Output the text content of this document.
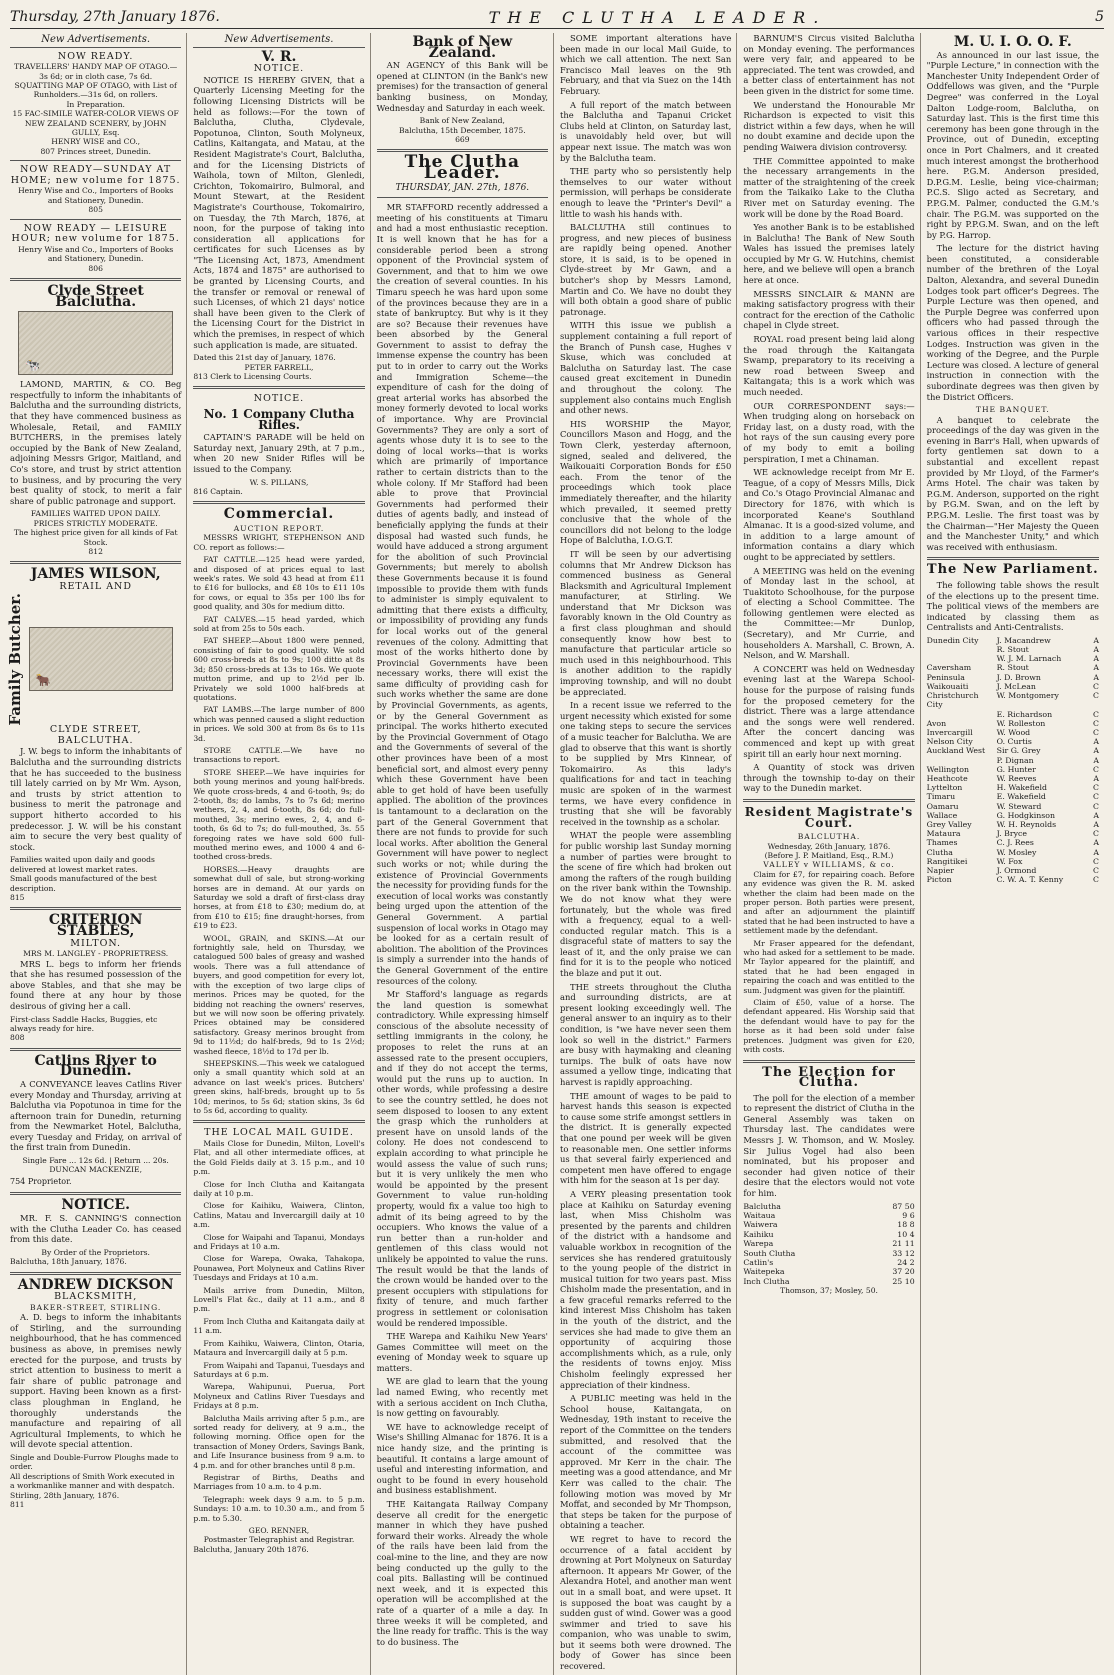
Thursday, 27th January 1876.	THE CLUTHA LEADER.	5
New Advertisements.
NOW READY.
TRAVELLERS' HANDY MAP OF OTAGO.—3s 6d; or in cloth case, 7s 6d.
SQUATTING MAP OF OTAGO, with List of Runholders.—31s 6d, on rollers.
In Preparation.
15 FAC-SIMILE WATER-COLOR VIEWS OF NEW ZEALAND SCENERY, by JOHN GULLY, Esq.
HENRY WISE and CO.,
807 Princes street, Dunedin.
NOW READY—SUNDAY AT HOME; new volume for 1875.
Henry Wise and Co., Importers of Books and Stationery, Dunedin.
805
NOW READY — LEISURE HOUR; new volume for 1875.
Henry Wise and Co., Importers of Books and Stationery, Dunedin.
806
Clyde Street Balclutha.
🐄

LAMOND, MARTIN, & CO. Beg respectfully to inform the inhabitants of Balclutha and the surrounding districts, that they have commenced business as Wholesale, Retail, and FAMILY BUTCHERS, in the premises lately occupied by the Bank of New Zealand, adjoining Messrs Grigor, Maitland, and Co's store, and trust by strict attention to business, and by procuring the very best quality of stock, to merit a fair share of public patronage and support.

FAMILIES WAITED UPON DAILY.
PRICES STRICTLY MODERATE.
The highest price given for all kinds of Fat Stock.
812
JAMES WILSON,
RETAIL AND
Family Butcher. 🐂
CLYDE STREET, BALCLUTHA.

J. W. begs to inform the inhabitants of Balclutha and the surrounding districts that he has succeeded to the business till lately carried on by Mr Wm. Ayson, and trusts by strict attention to business to merit the patronage and support hitherto accorded to his predecessor. J. W. will be his constant aim to secure the very best quality of stock.

Families waited upon daily and goods delivered at lowest market rates.
Small goods manufactured of the best description.
815
CRITERION STABLES,
MILTON.
MRS M. LANGLEY - PROPRIETRESS.

MRS L. begs to inform her friends that she has resumed possession of the above Stables, and that she may be found there at any hour by those desirous of giving her a call.

First-class Saddle Hacks, Buggies, etc always ready for hire.
808
Catlins River to Dunedin.

A CONVEYANCE leaves Catlins River every Monday and Thursday, arriving at Balclutha via Popotunoa in time for the afternoon train for Dunedin, returning from the Newmarket Hotel, Balclutha, every Tuesday and Friday, on arrival of the first train from Dunedin.

Single Fare ... 12s 6d. | Return ... 20s.
DUNCAN MACKENZIE,
754 Proprietor.
NOTICE.

MR. F. S. CANNING'S connection with the Clutha Leader Co. has ceased from this date.

By Order of the Proprietors.
Balclutha, 18th January, 1876.
ANDREW DICKSON
BLACKSMITH,
BAKER-STREET, STIRLING.

A. D. begs to inform the inhabitants of Stirling, and the surrounding neighbourhood, that he has commenced business as above, in premises newly erected for the purpose, and trusts by strict attention to business to merit a fair share of public patronage and support. Having been known as a first-class ploughman in England, he thoroughly understands the manufacture and repairing of all Agricultural Implements, to which he will devote special attention.

Single and Double-Furrow Ploughs made to order.
All descriptions of Smith Work executed in a workmanlike manner and with despatch.
Stirling, 28th January, 1876.
811
New Advertisements.
V. R.
NOTICE.

NOTICE IS HEREBY GIVEN, that a Quarterly Licensing Meeting for the following Licensing Districts will be held as follows:—For the town of Balclutha, Clutha, Clydevale, Popotunoa, Clinton, South Molyneux, Catlins, Kaitangata, and Matau, at the Resident Magistrate's Court, Balclutha, and for the Licensing Districts of Waihola, town of Milton, Glenledi, Crichton, Tokomairiro, Bulmoral, and Mount Stewart, at the Resident Magistrate's Courthouse, Tokomairiro, on Tuesday, the 7th March, 1876, at noon, for the purpose of taking into consideration all applications for certificates for such Licenses as by "The Licensing Act, 1873, Amendment Acts, 1874 and 1875" are authorised to be granted by Licensing Courts, and the transfer or removal or renewal of such Licenses, of which 21 days' notice shall have been given to the Clerk of the Licensing Court for the District in which the premises, in respect of which such application is made, are situated.

Dated this 21st day of January, 1876.
PETER FARRELL,
813 Clerk to Licensing Courts.
NOTICE.
No. 1 Company Clutha Rifles.

CAPTAIN'S PARADE will be held on Saturday next, January 29th, at 7 p.m., when 20 new Snider Rifles will be issued to the Company.

W. S. PILLANS,
816 Captain.
Commercial.
AUCTION REPORT.

MESSRS WRIGHT, STEPHENSON AND CO. report as follows:—

FAT CATTLE.—125 head were yarded, and disposed of at prices equal to last week's rates. We sold 43 head at from £11 to £16 for bullocks, and £8 10s to £11 10s for cows, or equal to 35s per 100 lbs for good quality, and 30s for medium ditto.

FAT CALVES.—15 head yarded, which sold at from 25s to 50s each.

FAT SHEEP.—About 1800 were penned, consisting of fair to good quality. We sold 600 cross-breds at 8s to 9s; 100 ditto at 8s 3d; 850 cross-breds at 13s to 16s. We quote mutton prime, and up to 2½d per lb. Privately we sold 1000 half-breds at quotations.

FAT LAMBS.—The large number of 800 which was penned caused a slight reduction in prices. We sold 300 at from 8s 6s to 11s 3d.

STORE CATTLE.—We have no transactions to report.

STORE SHEEP.—We have inquiries for both young merinos and young half-breds. We quote cross-breds, 4 and 6-tooth, 9s; do 2-tooth, 8s; do lambs, 7s to 7s 6d; merino wethers, 2, 4, and 6-tooth, 8s 6d; do full-mouthed, 3s; merino ewes, 2, 4, and 6-tooth, 6s 6d to 7s; do full-mouthed, 3s. 55 foregoing rates we have sold 600 full-mouthed merino ewes, and 1000 4 and 6-toothed cross-breds.

HORSES.—Heavy draughts are somewhat dull of sale, but strong-working horses are in demand. At our yards on Saturday we sold a draft of first-class dray horses, at from £18 to £30; medium do, at from £10 to £15; fine draught-horses, from £19 to £23.

WOOL, GRAIN, and SKINS.—At our fortnightly sale, held on Thursday, we catalogued 500 bales of greasy and washed wools. There was a full attendance of buyers, and good competition for every lot, with the exception of two large clips of merinos. Prices may be quoted, for the bidding not reaching the owners' reserves, but we will now soon be offering privately. Prices obtained may be considered satisfactory. Greasy merinos brought from 9d to 11½d; do half-breds, 9d to 1s 2½d; washed fleece, 18½d to 17d per lb.

SHEEPSKINS.—This week we catalogued only a small quantity which sold at an advance on last week's prices. Butchers' green skins, half-breds, brought up to 5s 10d; merinos, to 5s 6d; station skins, 3s 6d to 5s 6d, according to quality.

THE LOCAL MAIL GUIDE.

Mails Close for Dunedin, Milton, Lovell's Flat, and all other intermediate offices, at the Gold Fields daily at 3. 15 p.m., and 10 p.m.

Close for Inch Clutha and Kaitangata daily at 10 p.m.

Close for Kaihiku, Waiwera, Clinton, Catlins, Matau and Invercargill daily at 10 a.m.

Close for Waipahi and Tapanui, Mondays and Fridays at 10 a.m.

Close for Warepa, Owaka, Tahakopa, Pounawea, Port Molyneux and Catlins River Tuesdays and Fridays at 10 a.m.

Mails arrive from Dunedin, Milton, Lovell's Flat &c., daily at 11 a.m., and 8 p.m.

From Inch Clutha and Kaitangata daily at 11 a.m.

From Kaihiku, Waiwera, Clinton, Otaria, Mataura and Invercargill daily at 5 p.m.

From Waipahi and Tapanui, Tuesdays and Saturdays at 6 p.m.

Warepa, Wahipunui, Puerua, Port Molyneux and Catlins River Tuesdays and Fridays at 8 p.m.

Balclutha Mails arriving after 5 p.m., are sorted ready for delivery, at 9 a.m., the following morning. Office open for the transaction of Money Orders, Savings Bank, and Life Insurance business from 9 a.m. to 4 p.m. and for other branches until 8 p.m.

Registrar of Births, Deaths and Marriages from 10 a.m. to 4 p.m.

Telegraph: week days 9 a.m. to 5 p.m. Sundays: 10 a.m. to 10.30 a.m., and from 5 p.m. to 5.30.

GEO. RENNER,
Postmaster Telegraphist and Registrar.
Balclutha, January 20th 1876.
Bank of New Zealand.

AN AGENCY of this Bank will be opened at CLINTON (in the Bank's new premises) for the transaction of general banking business, on Monday, Wednesday and Saturday in each week.

Bank of New Zealand,
Balclutha, 15th December, 1875.
669
The Clutha Leader.
THURSDAY, JAN. 27th, 1876.

MR STAFFORD recently addressed a meeting of his constituents at Timaru and had a most enthusiastic reception. It is well known that he has for a considerable period been a strong opponent of the Provincial system of Government, and that to him we owe the creation of several counties. In his Timaru speech he was hard upon some of the provinces because they are in a state of bankruptcy. But why is it they are so? Because their revenues have been absorbed by the General Government to assist to defray the immense expense the country has been put to in order to carry out the Works and Immigration Scheme—the expenditure of cash for the doing of great arterial works has absorbed the money formerly devoted to local works of importance. Why are Provincial Governments? They are only a sort of agents whose duty it is to see to the doing of local works—that is works which are primarily of importance rather to certain districts than to the whole colony. If Mr Stafford had been able to prove that Provincial Governments had performed their duties of agents badly, and instead of beneficially applying the funds at their disposal had wasted such funds, he would have adduced a strong argument for the abolition of such Provincial Governments; but merely to abolish these Governments because it is found impossible to provide them with funds to administer is simply equivalent to admitting that there exists a difficulty, or impossibility of providing any funds for local works out of the general revenues of the colony. Admitting that most of the works hitherto done by Provincial Governments have been necessary works, there will exist the same difficulty of providing cash for such works whether the same are done by Provincial Governments, as agents, or by the General Government as principal. The works hitherto executed by the Provincial Government of Otago and the Governments of several of the other provinces have been of a most beneficial sort, and almost every penny which these Government have been able to get hold of have been usefully applied. The abolition of the provinces is tantamount to a declaration on the part of the General Government that there are not funds to provide for such local works. After abolition the General Government will have power to neglect such works or not; while during the existence of Provincial Governments the necessity for providing funds for the execution of local works was constantly being urged upon the attention of the General Government. A partial suspension of local works in Otago may be looked for as a certain result of abolition. The abolition of the Provinces is simply a surrender into the hands of the General Government of the entire resources of the colony.

Mr Stafford's language as regards the land question is somewhat contradictory. While expressing himself conscious of the absolute necessity of settling immigrants in the colony, he proposes to relet the runs at an assessed rate to the present occupiers, and if they do not accept the terms, would put the runs up to auction. In other words, while professing a desire to see the country settled, he does not seem disposed to loosen to any extent the grasp which the runholders at present have on unsold lands of the colony. He does not condescend to explain according to what principle he would assess the value of such runs; but it is very unlikely the men who would be appointed by the present Government to value run-holding property, would fix a value too high to admit of its being agreed to by the occupiers. Who knows the value of a run better than a run-holder and gentlemen of this class would not unlikely be appointed to value the runs. The result would be that the lands of the crown would be handed over to the present occupiers with stipulations for fixity of tenure, and much farther progress in settlement or colonisation would be rendered impossible.

THE Warepa and Kaihiku New Years' Games Committee will meet on the evening of Monday week to square up matters.

WE are glad to learn that the young lad named Ewing, who recently met with a serious accident on Inch Clutha, is now getting on favourably.

WE have to acknowledge receipt of Wise's Shilling Almanac for 1876. It is a nice handy size, and the printing is beautiful. It contains a large amount of useful and interesting information, and ought to be found in every household and business establishment.

THE Kaitangata Railway Company deserve all credit for the energetic manner in which they have pushed forward their works. Already the whole of the rails have been laid from the coal-mine to the line, and they are now being conducted up the gully to the coal pits. Ballasting will be continued next week, and it is expected this operation will be accomplished at the rate of a quarter of a mile a day. In three weeks it will be completed, and the line ready for traffic. This is the way to do business. The

SOME important alterations have been made in our local Mail Guide, to which we call attention. The next San Francisco Mail leaves on the 9th February, and that via Suez on the 14th February.

A full report of the match between the Balclutha and Tapanui Cricket Clubs held at Clinton, on Saturday last, is unavoidably held over, but will appear next issue. The match was won by the Balclutha team.

THE party who so persistently help themselves to our water without permission, will perhaps be considerate enough to leave the "Printer's Devil" a little to wash his hands with.

BALCLUTHA still continues to progress, and new pieces of business are rapidly being opened. Another store, it is said, is to be opened in Clyde-street by Mr Gawn, and a butcher's shop by Messrs Lamond, Martin and Co. We have no doubt they will both obtain a good share of public patronage.

WITH this issue we publish a supplement containing a full report of the Branch of Punsh case, Hughes v Skuse, which was concluded at Balclutha on Saturday last. The case caused great excitement in Dunedin and throughout the colony. The supplement also contains much English and other news.

HIS WORSHIP the Mayor, Councillors Mason and Hogg, and the Town Clerk, yesterday afternoon, signed, sealed and delivered, the Waikouaiti Corporation Bonds for £50 each. From the tenor of the proceedings which took place immediately thereafter, and the hilarity which prevailed, it seemed pretty conclusive that the whole of the councillors did not belong to the lodge Hope of Balclutha, I.O.G.T.

IT will be seen by our advertising columns that Mr Andrew Dickson has commenced business as General Blacksmith and Agricultural Implement manufacturer, at Stirling. We understand that Mr Dickson was favorably known in the Old Country as a first class ploughman and should consequently know how best to manufacture that particular article so much used in this neighbourhood. This is another addition to the rapidly improving township, and will no doubt be appreciated.

In a recent issue we referred to the urgent necessity which existed for some one taking steps to secure the services of a music teacher for Balclutha. We are glad to observe that this want is shortly to be supplied by Mrs Kinnear, of Tokomairiro. As this lady's qualifications for and tact in teaching music are spoken of in the warmest terms, we have every confidence in trusting that she will be favorably received in the township as a scholar.

WHAT the people were assembling for public worship last Sunday morning a number of parties were brought to the scene of fire which had broken out among the rafters of the rough building on the river bank within the Township. We do not know what they were fortunately, but the whole was fired with a frequency, equal to a well-conducted regular match. This is a disgraceful state of matters to say the least of it, and the only praise we can find for it is to the people who noticed the blaze and put it out.

THE streets throughout the Clutha and surrounding districts, are at present looking exceedingly well. The general answer to an inquiry as to their condition, is "we have never seen them look so well in the district." Farmers are busy with haymaking and cleaning turnips. The bulk of oats have now assumed a yellow tinge, indicating that harvest is rapidly approaching.

THE amount of wages to be paid to harvest hands this season is expected to cause some strife amongst settlers in the district. It is generally expected that one pound per week will be given to reasonable men. One settler informs us that several fairly experienced and competent men have offered to engage with him for the season at 1s per day.

A VERY pleasing presentation took place at Kaihiku on Saturday evening last, when Miss Chisholm was presented by the parents and children of the district with a handsome and valuable workbox in recognition of the services she has rendered gratuitously to the young people of the district in musical tuition for two years past. Miss Chisholm made the presentation, and in a few graceful remarks referred to the kind interest Miss Chisholm has taken in the youth of the district, and the services she had made to give them an opportunity of acquiring those accomplishments which, as a rule, only the residents of towns enjoy. Miss Chisholm feelingly expressed her appreciation of their kindness.

A PUBLIC meeting was held in the School house, Kaitangata, on Wednesday, 19th instant to receive the report of the Committee on the tenders submitted, and resolved that the account of the committee was approved. Mr Kerr in the chair. The meeting was a good attendance, and Mr Kerr was called to the chair. The following motion was moved by Mr Moffat, and seconded by Mr Thompson, that steps be taken for the purpose of obtaining a teacher.

WE regret to have to record the occurrence of a fatal accident by drowning at Port Molyneux on Saturday afternoon. It appears Mr Gower, of the Alexandra Hotel, and another man went out in a small boat, and were upset. It is supposed the boat was caught by a sudden gust of wind. Gower was a good swimmer and tried to save his companion, who was unable to swim, but it seems both were drowned. The body of Gower has since been recovered.

BARNUM'S Circus visited Balclutha on Monday evening. The performances were very fair, and appeared to be appreciated. The tent was crowded, and a better class of entertainment has not been given in the district for some time.

We understand the Honourable Mr Richardson is expected to visit this district within a few days, when he will no doubt examine and decide upon the pending Waiwera division controversy.

THE Committee appointed to make the necessary arrangements in the matter of the straightening of the creek from the Taikaiko Lake to the Clutha River met on Saturday evening. The work will be done by the Road Board.

Yes another Bank is to be established in Balclutha! The Bank of New South Wales has issued the premises lately occupied by Mr G. W. Hutchins, chemist here, and we believe will open a branch here at once.

MESSRS SINCLAIR & MANN are making satisfactory progress with their contract for the erection of the Catholic chapel in Clyde street.

ROYAL road present being laid along the road through the Kaitangata Swamp, preparatory to its receiving a new road between Sweep and Kaitangata; this is a work which was much needed.

OUR CORRESPONDENT says:—When trudging along on horseback on Friday last, on a dusty road, with the hot rays of the sun causing every pore of my body to emit a boiling perspiration, I met a Chinaman.

WE acknowledge receipt from Mr E. Teague, of a copy of Messrs Mills, Dick and Co.'s Otago Provincial Almanac and Directory for 1876, with which is incorporated Keane's Southland Almanac. It is a good-sized volume, and in addition to a large amount of information contains a diary which ought to be appreciated by settlers.

A MEETING was held on the evening of Monday last in the school, at Tuakitoto Schoolhouse, for the purpose of electing a School Committee. The following gentlemen were elected as the Committee:—Mr Dunlop, (Secretary), and Mr Currie, and householders A. Marshall, C. Brown, A. Nelson, and W. Marshall.

A CONCERT was held on Wednesday evening last at the Warepa School-house for the purpose of raising funds for the proposed cemetery for the district. There was a large attendance and the songs were well rendered. After the concert dancing was commenced and kept up with great spirit till an early hour next morning.

A Quantity of stock was driven through the township to-day on their way to the Dunedin market.

Resident Magistrate's Court.
BALCLUTHA.
Wednesday, 26th January, 1876.
(Before J. P. Maitland, Esq., R.M.)
VALLEY v WILLIAMS, & co.

Claim for £7, for repairing coach. Before any evidence was given the R. M. asked whether the claim had been made on the proper person. Both parties were present, and after an adjournment the plaintiff stated that he had been instructed to have a settlement made by the defendant.

Mr Fraser appeared for the defendant, who had asked for a settlement to be made. Mr Taylor appeared for the plaintiff, and stated that he had been engaged in repairing the coach and was entitled to the sum. Judgment was given for the plaintiff.

Claim of £50, value of a horse. The defendant appeared. His Worship said that the defendant would have to pay for the horse as it had been sold under false pretences. Judgment was given for £20, with costs.

The Election for Clutha.

The poll for the election of a member to represent the district of Clutha in the General Assembly was taken on Thursday last. The candidates were Messrs J. W. Thomson, and W. Mosley. Sir Julius Vogel had also been nominated, but his proposer and seconder had given notice of their desire that the electors would not vote for him.

Balclutha	87 50
Waitaua	9 6
Waiwera	18 8
Kaihiku	10 4
Warepa	21 11
South Clutha	33 12
Catlin's	24 2
Waitepeka	37 20
Inch Clutha	25 10
Thomson, 37; Mosley, 50.
M. U. I. O. O. F.

As announced in our last issue, the "Purple Lecture," in connection with the Manchester Unity Independent Order of Oddfellows was given, and the "Purple Degree" was conferred in the Loyal Dalton Lodge-room, Balclutha, on Saturday last. This is the first time this ceremony has been gone through in the Province, out of Dunedin, excepting once in Port Chalmers, and it created much interest amongst the brotherhood here. P.G.M. Anderson presided, D.P.G.M. Leslie, being vice-chairman; P.C.S. Sligo acted as Secretary, and P.P.G.M. Palmer, conducted the G.M.'s chair. The P.G.M. was supported on the right by P.P.G.M. Swan, and on the left by P.G. Harrop.

The lecture for the district having been constituted, a considerable number of the brethren of the Loyal Dalton, Alexandra, and several Dunedin Lodges took part officer's Degrees. The Purple Lecture was then opened, and the Purple Degree was conferred upon officers who had passed through the various offices in their respective Lodges. Instruction was given in the working of the Degree, and the Purple Lecture was closed. A lecture of general instruction in connection with the subordinate degrees was then given by the District Officers.

THE BANQUET.

A banquet to celebrate the proceedings of the day was given in the evening in Barr's Hall, when upwards of forty gentlemen sat down to a substantial and excellent repast provided by Mr Lloyd, of the Farmer's Arms Hotel. The chair was taken by P.G.M. Anderson, supported on the right by P.G.M. Swan, and on the left by P.P.G.M. Leslie. The first toast was by the Chairman—"Her Majesty the Queen and the Manchester Unity," and which was received with enthusiasm.

The New Parliament.

The following table shows the result of the elections up to the present time. The political views of the members are indicated by classing them as Centralists and Anti-Centralists.

Dunedin City	J. Macandrew	A
R. Stout	A
W. J. M. Larnach	A
Caversham	R. Stout	A
Peninsula	J. D. Brown	A
Waikouaiti	J. McLean	C
Christchurch City
W. Montgomery	C
E. Richardson	C
Avon	W. Rolleston	C
Invercargill	W. Wood	C
Nelson City	O. Curtis	A
Auckland West	Sir G. Grey	A
P. Dignan	A
Wellington	G. Hunter	C
Heathcote	W. Reeves	A
Lyttelton	H. Wakefield	C
Timaru	E. Wakefield	C
Oamaru	W. Steward	C
Wallace	G. Hodgkinson	A
Grey Valley	W. H. Reynolds	A
Mataura	J. Bryce	C
Thames	C. J. Rees	A
Clutha	W. Mosley	A
Rangitikei	W. Fox	C
Napier	J. Ormond	C
Picton	C. W. A. T. Kenny	C
